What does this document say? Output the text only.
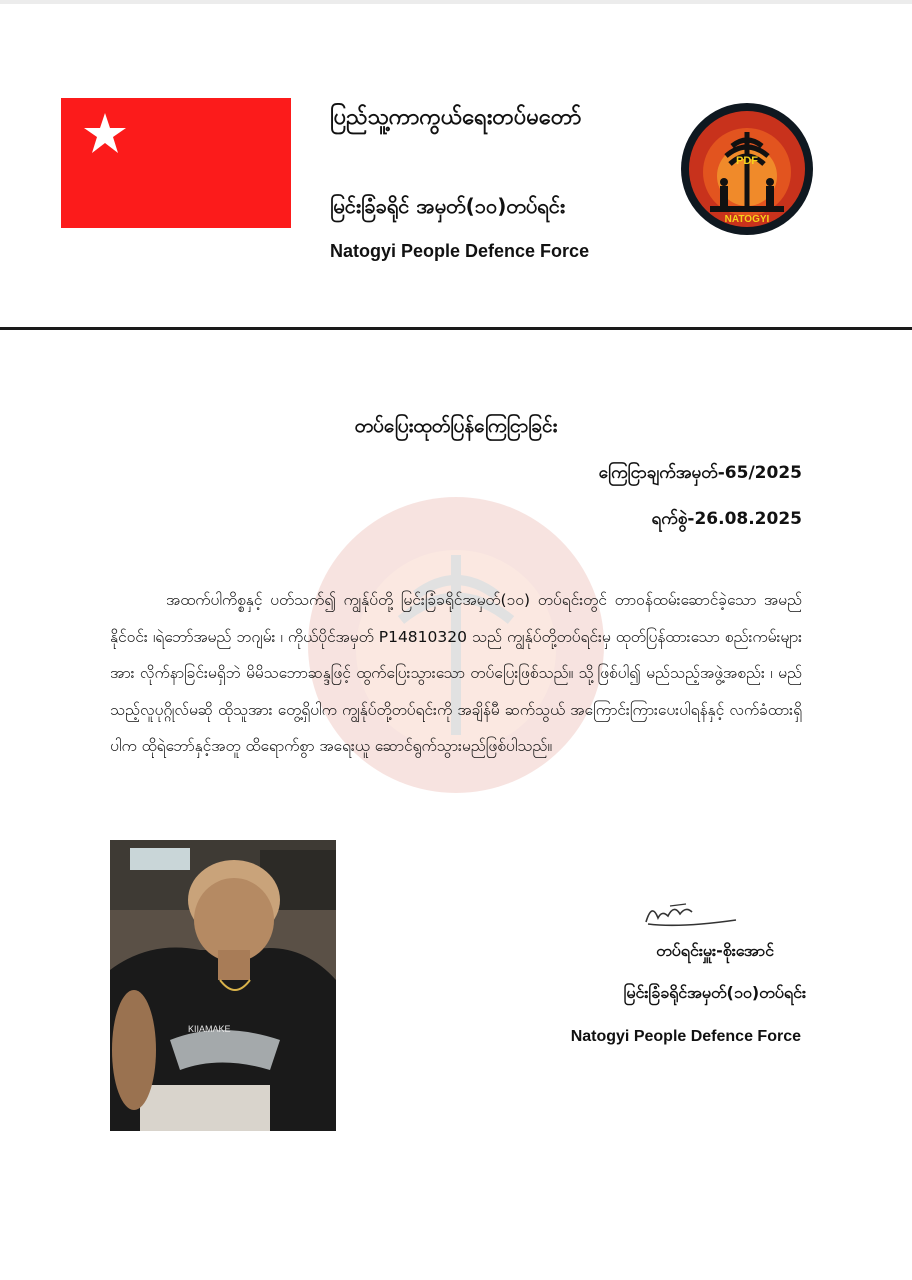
ပြည်သူ့ကာကွယ်ရေးတပ်မတော်
မြင်းခြံခရိုင် အမှတ်(၁၀)တပ်ရင်း
Natogyi People Defence Force
PDF
NATOGYI
တပ်ပြေးထုတ်ပြန်ကြေငြာခြင်း
ကြေငြာချက်အမှတ်-65/2025
ရက်စွဲ-26.08.2025
အထက်ပါကိစ္စနှင့် ပတ်သက်၍ ကျွန်ုပ်တို့ မြင်းခြံခရိုင်အမှတ်(၁၀) တပ်ရင်းတွင် တာဝန်ထမ်းဆောင်ခဲ့သော အမည် နိုင်ဝင်း ၊ရဲဘော်အမည် ဘဂျမ်း ၊ ကိုယ်ပိုင်အမှတ် P14810320 သည် ကျွန်ုပ်တို့တပ်ရင်းမှ ထုတ်ပြန်ထားသော စည်းကမ်းများအား လိုက်နာခြင်းမရှိဘဲ မိမိသဘောဆန္ဒဖြင့် ထွက်ပြေးသွားသော တပ်ပြေးဖြစ်သည်။ သို့ဖြစ်ပါ၍ မည်သည့်အဖွဲ့အစည်း ၊ မည်သည့်လူပုဂ္ဂိုလ်မဆို ထိုသူအား တွေ့ရှိပါက ကျွန်ုပ်တို့တပ်ရင်းကို အချိန်မီ ဆက်သွယ် အကြောင်းကြားပေးပါရန်နှင့် လက်ခံထားရှိပါက ထိုရဲဘော်နှင့်အတူ ထိရောက်စွာ အရေးယူ ဆောင်ရွက်သွားမည်ဖြစ်ပါသည်။
KIIAMAKE
တပ်ရင်းမှူး-စိုးအောင်
မြင်းခြံခရိုင်အမှတ်(၁၀)တပ်ရင်း
Natogyi People Defence Force
